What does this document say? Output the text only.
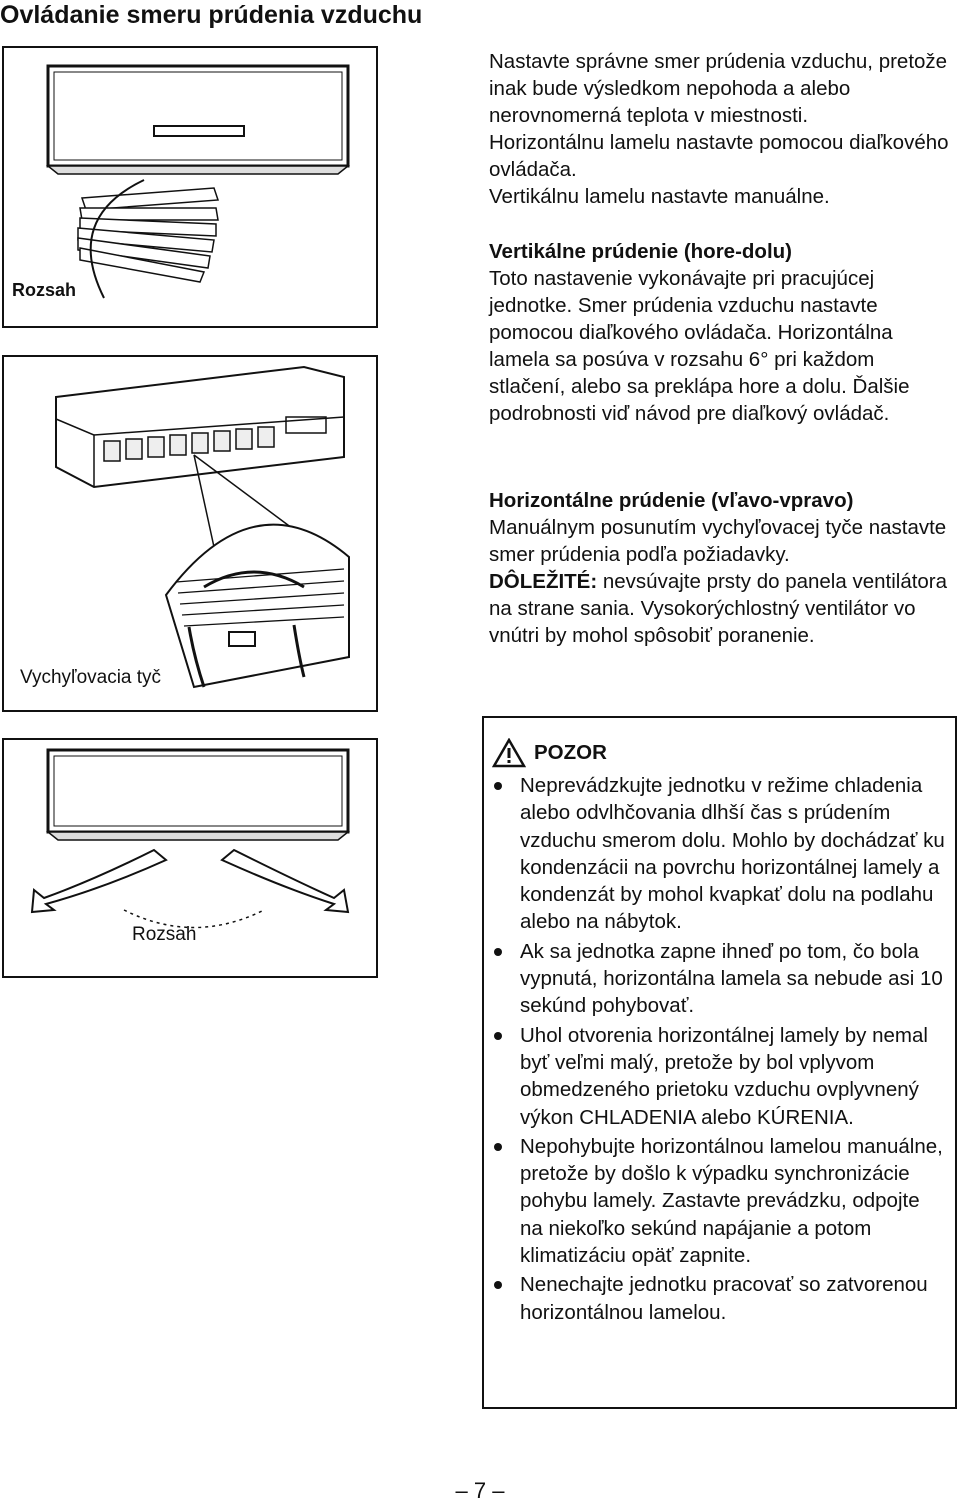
Ovládanie smeru prúdenia vzduchu
Rozsah
Vychyľovacia tyč
Rozsah

Nastavte správne smer prúdenia vzduchu, pretože inak bude výsledkom nepohoda a alebo nerovnomerná teplota v miestnosti.

Horizontálnu lamelu nastavte pomocou diaľkového ovládača.

Vertikálnu lamelu nastavte manuálne.

Vertikálne prúdenie (hore-dolu)

Toto nastavenie vykonávajte pri pracujúcej jednotke. Smer prúdenia vzduchu nastavte pomocou diaľkového ovládača. Horizontálna lamela sa posúva v rozsahu 6° pri každom stlačení, alebo sa preklápa hore a dolu. Ďalšie podrobnosti viď návod pre diaľkový ovládač.

Horizontálne prúdenie (vľavo-vpravo)

Manuálnym posunutím vychyľovacej tyče nastavte smer prúdenia podľa požiadavky.

DÔLEŽITÉ: nevsúvajte prsty do panela ventilátora na strane sania. Vysokorýchlostný ventilátor vo vnútri by mohol spôsobiť poranenie.

POZOR
Neprevádzkujte jednotku v režime chladenia alebo odvlhčovania dlhší čas s prúdením vzduchu smerom dolu. Mohlo by dochádzať ku kondenzácii na povrchu horizontálnej lamely a kondenzát by mohol kvapkať dolu na podlahu alebo na nábytok.
Ak sa jednotka zapne ihneď po tom, čo bola vypnutá, horizontálna lamela sa nebude asi 10 sekúnd pohybovať.
Uhol otvorenia horizontálnej lamely by nemal byť veľmi malý, pretože by bol vplyvom obmedzeného prietoku vzduchu ovplyvnený výkon CHLADENIA alebo KÚRENIA.
Nepohybujte horizontálnou lamelou manuálne, pretože by došlo k výpadku synchronizácie pohybu lamely. Zastavte prevádzku, odpojte na niekoľko sekúnd napájanie a potom klimatizáciu opäť zapnite.
Nenechajte jednotku pracovať so zatvorenou horizontálnou lamelou.
– 7 –
